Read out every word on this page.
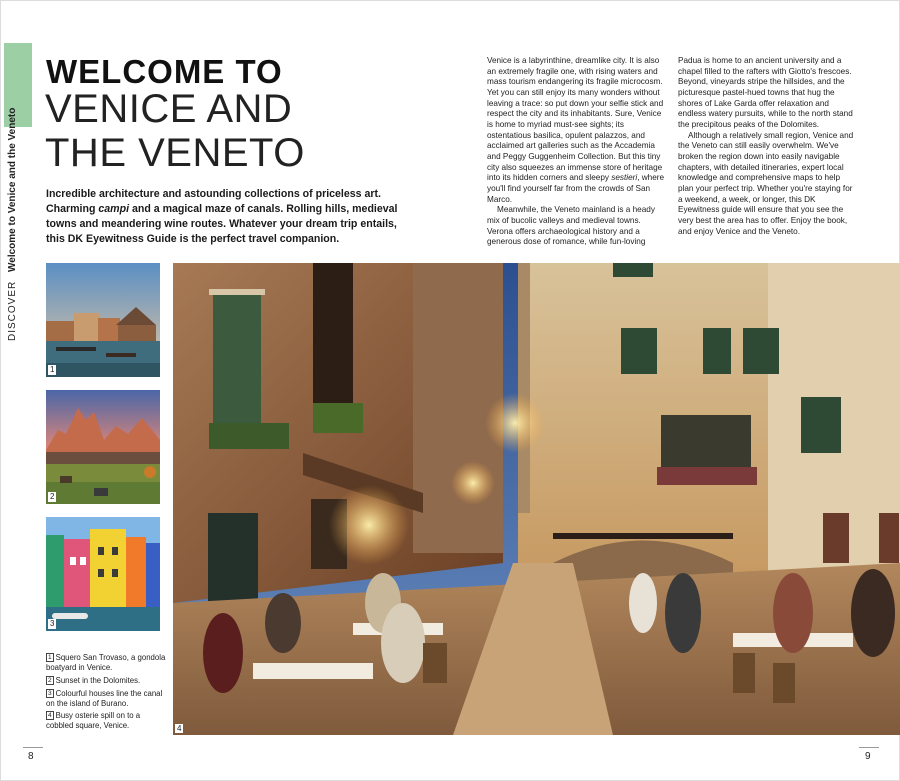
DISCOVER Welcome to Venice and the Veneto
WELCOME TO
VENICE AND
THE VENETO
Incredible architecture and astounding collections of priceless art. Charming campi and a magical maze of canals. Rolling hills, medieval towns and meandering wine routes. Whatever your dream trip entails, this DK Eyewitness Guide is the perfect travel companion.

Venice is a labyrinthine, dreamlike city. It is also an extremely fragile one, with rising waters and mass tourism endangering its fragile microcosm. Yet you can still enjoy its many wonders without leaving a trace: so put down your selfie stick and respect the city and its inhabitants. Sure, Venice is home to myriad must-see sights; its ostentatious basilica, opulent palazzos, and acclaimed art galleries such as the Accademia and Peggy Guggenheim Collection. But this tiny city also squeezes an immense store of heritage into its hidden corners and sleepy sestieri, where you'll find yourself far from the crowds of San Marco.

Meanwhile, the Veneto mainland is a heady mix of bucolic valleys and medieval towns. Verona offers archaeological history and a generous dose of romance, while fun-loving

Padua is home to an ancient university and a chapel filled to the rafters with Giotto's frescoes. Beyond, vineyards stripe the hillsides, and the picturesque pastel-hued towns that hug the shores of Lake Garda offer relaxation and endless watery pursuits, while to the north stand the precipitous peaks of the Dolomites.

Although a relatively small region, Venice and the Veneto can still easily overwhelm. We've broken the region down into easily navigable chapters, with detailed itineraries, expert local knowledge and comprehensive maps to help plan your perfect trip. Whether you're staying for a weekend, a week, or longer, this DK Eyewitness guide will ensure that you see the very best the area has to offer. Enjoy the book, and enjoy Venice and the Veneto.

1
2
3
4
1 Squero San Trovaso, a gondola boatyard in Venice.
2 Sunset in the Dolomites.
3 Colourful houses line the canal on the island of Burano.
4 Busy osterie spill on to a cobbled square, Venice.
8	9
